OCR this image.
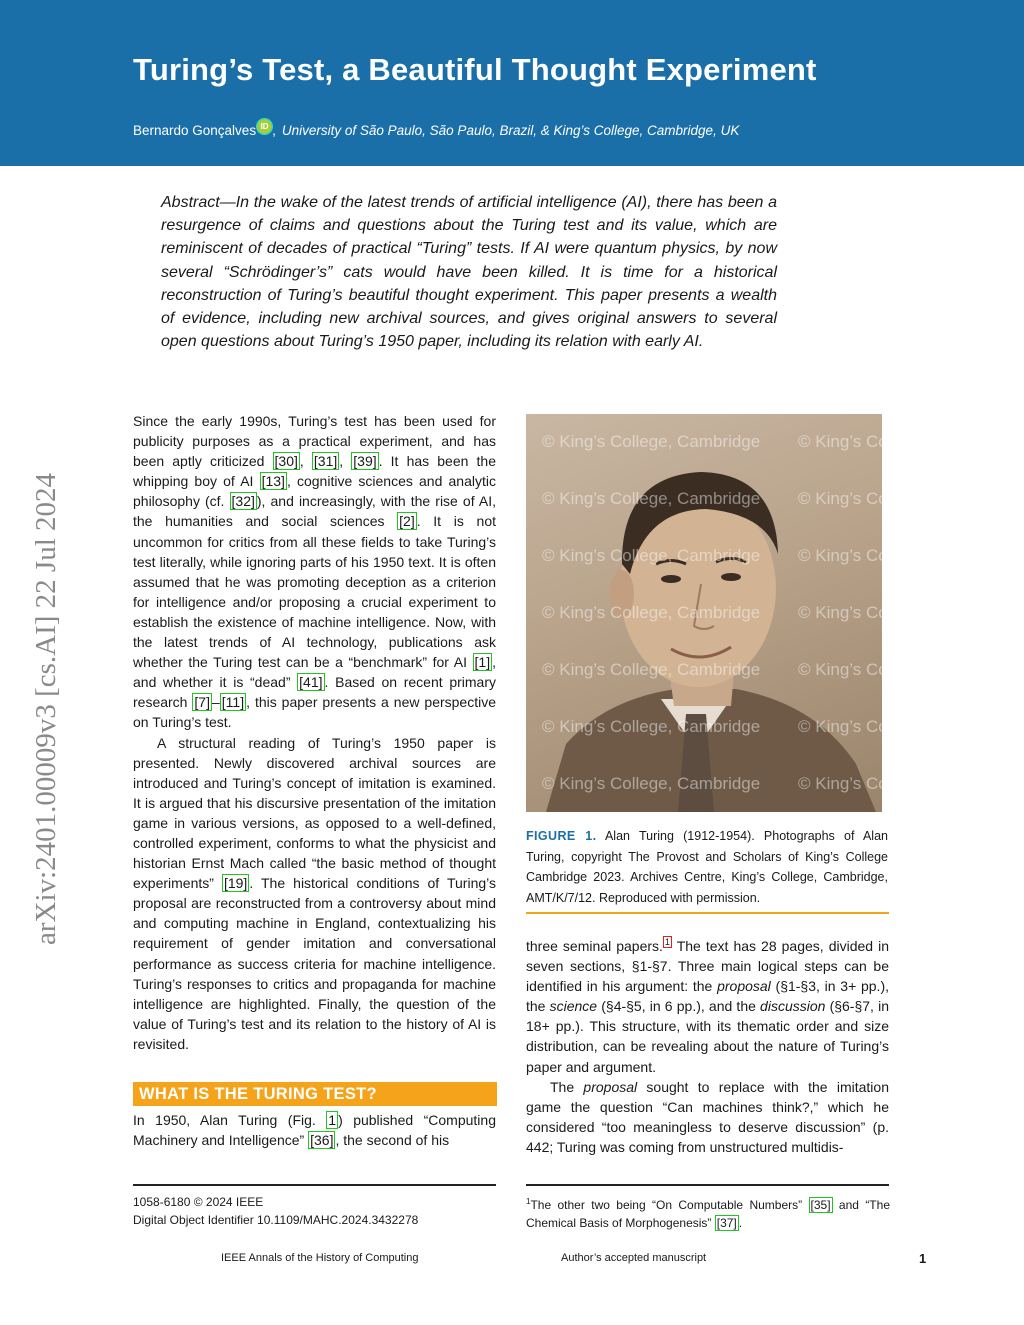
Turing’s Test, a Beautiful Thought Experiment
Bernardo Gonçalves ID , University of São Paulo, São Paulo, Brazil, & King’s College, Cambridge, UK

Abstract—In the wake of the latest trends of artificial intelligence (AI), there has been a resurgence of claims and questions about the Turing test and its value, which are reminiscent of decades of practical “Turing” tests. If AI were quantum physics, by now several “Schrödinger’s” cats would have been killed. It is time for a historical reconstruction of Turing’s beautiful thought experiment. This paper presents a wealth of evidence, including new archival sources, and gives original answers to several open questions about Turing’s 1950 paper, including its relation with early AI.

arXiv:2401.00009v3 [cs.AI] 22 Jul 2024

Since the early 1990s, Turing’s test has been used for publicity purposes as a practical experiment, and has been aptly criticized [30] , [31] , [39] . It has been the whipping boy of AI [13] , cognitive sciences and analytic philosophy (cf. [32] ), and increasingly, with the rise of AI, the humanities and social sciences [2] . It is not uncommon for critics from all these fields to take Turing’s test literally, while ignoring parts of his 1950 text. It is often assumed that he was promoting deception as a criterion for intelligence and/or proposing a crucial experiment to establish the existence of machine intelligence. Now, with the latest trends of AI technology, publications ask whether the Turing test can be a “benchmark” for AI [1] , and whether it is “dead” [41] . Based on recent primary research [7] – [11] , this paper presents a new perspective on Turing’s test.

A structural reading of Turing’s 1950 paper is presented. Newly discovered archival sources are introduced and Turing’s concept of imitation is examined. It is argued that his discursive presentation of the imitation game in various versions, as opposed to a well-defined, controlled experiment, conforms to what the physicist and historian Ernst Mach called “the basic method of thought experiments” [19] . The historical conditions of Turing’s proposal are reconstructed from a controversy about mind and computing machine in England, contextualizing his requirement of gender imitation and conversational performance as success criteria for machine intelligence. Turing’s responses to critics and propaganda for machine intelligence are highlighted. Finally, the question of the value of Turing’s test and its relation to the history of AI is revisited.

WHAT IS THE TURING TEST?
In 1950, Alan Turing (Fig. 1 ) published “Computing Machinery and Intelligence” [36] , the second of his
© King’s College, Cambridge
© King’s College, Cambridge
© King’s College, Cambridge
© King’s College, Cambridge
© King’s College, Cambridge
© King’s College, Cambridge
© King’s College, Cambridge
© King’s College, Cambridge
© King’s College, Cambridge
© King’s College, Cambridge
© King’s College, Cambridge
© King’s College, Cambridge
© King’s College, Cambridge
© King’s College, Cambridge
FIGURE 1. Alan Turing (1912-1954). Photographs of Alan Turing, copyright The Provost and Scholars of King’s College Cambridge 2023. Archives Centre, King’s College, Cambridge, AMT/K/7/12. Reproduced with permission.

three seminal papers. $^1$ The text has 28 pages, divided in seven sections, §1-§7. Three main logical steps can be identified in his argument: the proposal (§1-§3, in 3+ pp.), the science (§4-§5, in 6 pp.), and the discussion (§6-§7, in 18+ pp.). This structure, with its thematic order and size distribution, can be revealing about the nature of Turing’s paper and argument.

The proposal sought to replace with the imitation game the question “Can machines think?,” which he considered “too meaningless to deserve discussion” (p. 442; Turing was coming from unstructured multidis-

1058-6180 © 2024 IEEE
Digital Object Identifier 10.1109/MAHC.2024.3432278
$^1$The other two being “On Computable Numbers” [35] and “The Chemical Basis of Morphogenesis” [37] .
IEEE Annals of the History of Computing	Author’s accepted manuscript	1
